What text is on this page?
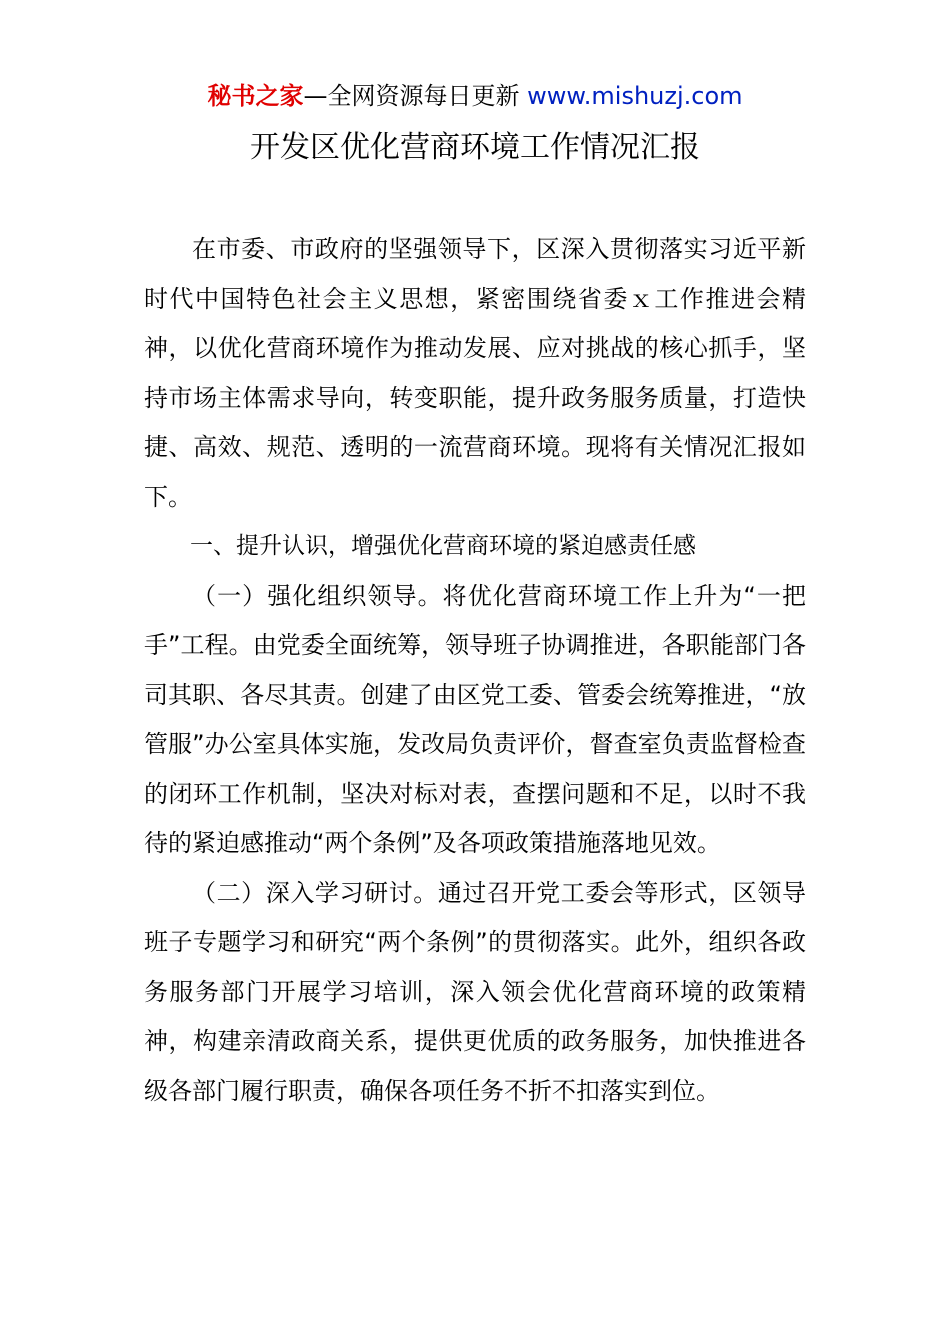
秘书之家—全网资源每日更新 www.mishuzj.com
开发区优化营商环境工作情况汇报

在市委、市政府的坚强领导下，区深入贯彻落实习近平新时代中国特色社会主义思想，紧密围绕省委ｘ工作推进会精神，以优化营商环境作为推动发展、应对挑战的核心抓手，坚持市场主体需求导向，转变职能，提升政务服务质量，打造快捷、高效、规范、透明的一流营商环境。现将有关情况汇报如下。

一、提升认识，增强优化营商环境的紧迫感责任感

（一）强化组织领导。将优化营商环境工作上升为“一把手”工程。由党委全面统筹，领导班子协调推进，各职能部门各司其职、各尽其责。创建了由区党工委、管委会统筹推进，“放管服”办公室具体实施，发改局负责评价，督查室负责监督检查的闭环工作机制，坚决对标对表，查摆问题和不足，以时不我待的紧迫感推动“两个条例”及各项政策措施落地见效。

（二）深入学习研讨。通过召开党工委会等形式，区领导班子专题学习和研究“两个条例”的贯彻落实。此外，组织各政务服务部门开展学习培训，深入领会优化营商环境的政策精神，构建亲清政商关系，提供更优质的政务服务，加快推进各级各部门履行职责，确保各项任务不折不扣落实到位。
